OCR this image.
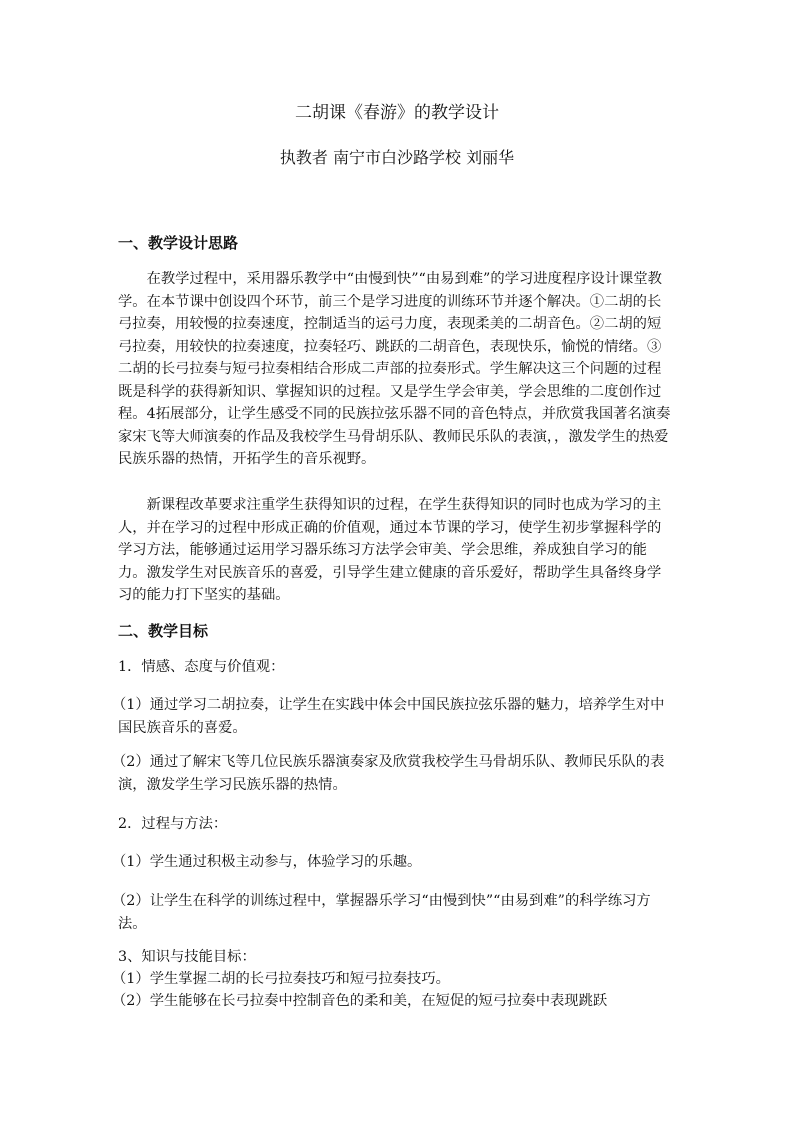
二胡课《春游》的教学设计
执教者 南宁市白沙路学校 刘丽华

一、教学设计思路

在教学过程中，采用器乐教学中“由慢到快”“由易到难”的学习进度程序设计课堂教学。在本节课中创设四个环节，前三个是学习进度的训练环节并逐个解决。①二胡的长弓拉奏，用较慢的拉奏速度，控制适当的运弓力度，表现柔美的二胡音色。②二胡的短弓拉奏，用较快的拉奏速度，拉奏轻巧、跳跃的二胡音色，表现快乐，愉悦的情绪。③二胡的长弓拉奏与短弓拉奏相结合形成二声部的拉奏形式。学生解决这三个问题的过程既是科学的获得新知识、掌握知识的过程。又是学生学会审美，学会思维的二度创作过程。4拓展部分，让学生感受不同的民族拉弦乐器不同的音色特点，并欣赏我国著名演奏家宋飞等大师演奏的作品及我校学生马骨胡乐队、教师民乐队的表演，，激发学生的热爱民族乐器的热情，开拓学生的音乐视野。

新课程改革要求注重学生获得知识的过程，在学生获得知识的同时也成为学习的主人，并在学习的过程中形成正确的价值观，通过本节课的学习，使学生初步掌握科学的学习方法，能够通过运用学习器乐练习方法学会审美、学会思维，养成独自学习的能力。激发学生对民族音乐的喜爱，引导学生建立健康的音乐爱好，帮助学生具备终身学习的能力打下坚实的基础。

二、教学目标

1．情感、态度与价值观：

（1）通过学习二胡拉奏，让学生在实践中体会中国民族拉弦乐器的魅力，培养学生对中国民族音乐的喜爱。

（2）通过了解宋飞等几位民族乐器演奏家及欣赏我校学生马骨胡乐队、教师民乐队的表演，激发学生学习民族乐器的热情。

2．过程与方法：

（1）学生通过积极主动参与，体验学习的乐趣。

（2）让学生在科学的训练过程中，掌握器乐学习“由慢到快”“由易到难”的科学练习方法。

3、知识与技能目标：

（1）学生掌握二胡的长弓拉奏技巧和短弓拉奏技巧。

（2）学生能够在长弓拉奏中控制音色的柔和美，在短促的短弓拉奏中表现跳跃
